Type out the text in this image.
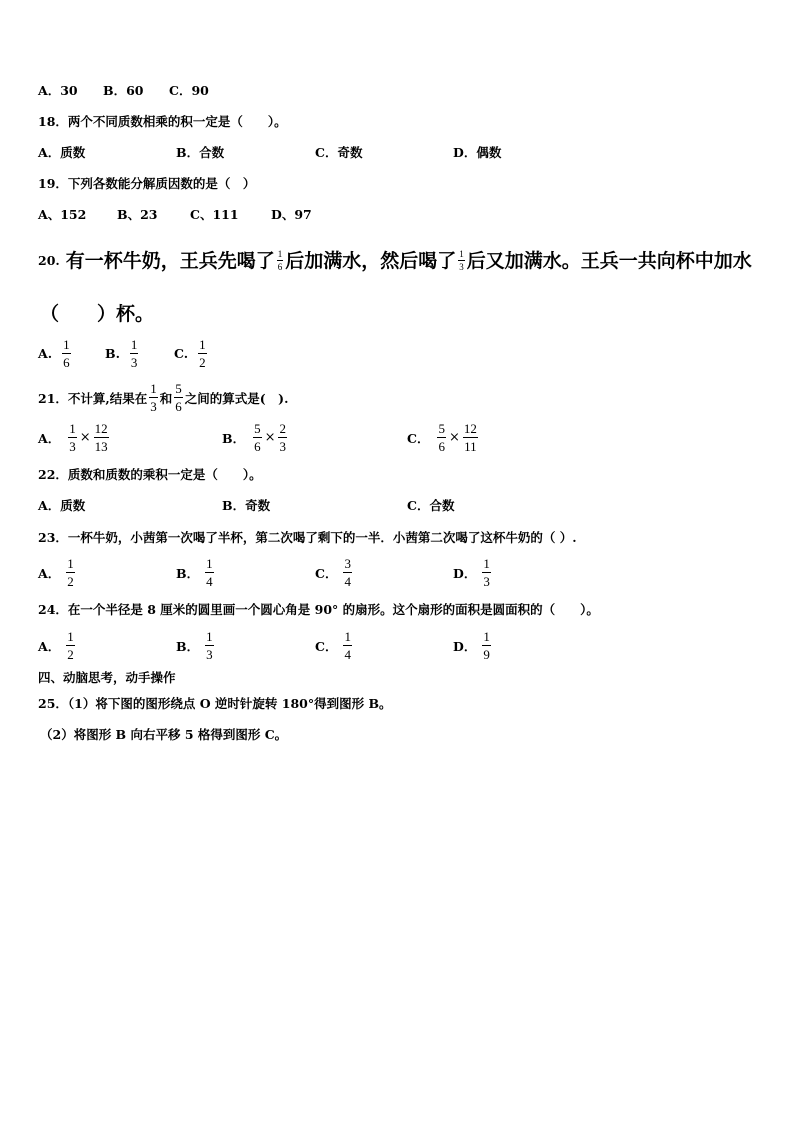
A．30 B．60 C．90
18．两个不同质数相乘的积一定是（　　）。
A．质数	B．合数	C．奇数	D．偶数
19．下列各数能分解质因数的是（　）
A、152 B、23	C、111	D、97
20. 有一杯牛奶，王兵先喝了 $\frac{1}{6}$ 后加满水，然后喝了 $\frac{1}{3}$ 后又加满水。王兵一共向杯中加水
（　　）杯。
A. $\frac{1}{6}$	B. $\frac{1}{3}$	C. $\frac{1}{2}$
21．不计算,结果在 $\frac{1}{3}$ 和 $\frac{5}{6}$ 之间的算式是(　).
A． $\frac{1}{3} \times \frac{12}{13}$	B． $\frac{5}{6} \times \frac{2}{3}$	C． $\frac{5}{6} \times \frac{12}{11}$
22．质数和质数的乘积一定是（　　）。
A．质数	B．奇数	C．合数
23．一杯牛奶，小茜第一次喝了半杯，第二次喝了剩下的一半．小茜第二次喝了这杯牛奶的（ ）.
A． $\frac{1}{2}$	B． $\frac{1}{4}$	C． $\frac{3}{4}$	D． $\frac{1}{3}$
24．在一个半径是 8 厘米的圆里画一个圆心角是 90° 的扇形。这个扇形的面积是圆面积的（　　）。
A． $\frac{1}{2}$	B． $\frac{1}{3}$	C． $\frac{1}{4}$	D． $\frac{1}{9}$
四、动脑思考，动手操作
25．（1）将下图的图形绕点 O 逆时针旋转 180°得到图形 B。
（2）将图形 B 向右平移 5 格得到图形 C。
